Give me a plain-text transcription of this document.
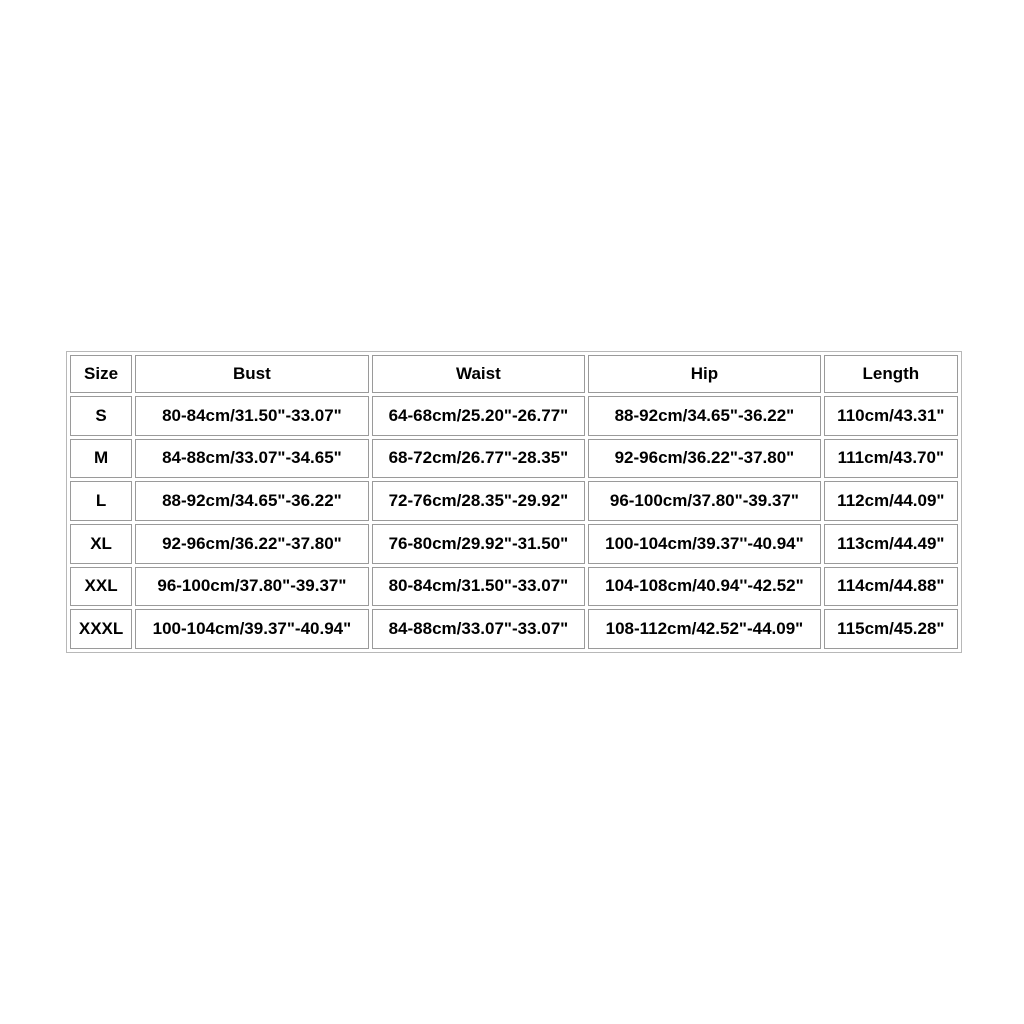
Size	Bust	Waist	Hip	Length
S	80-84cm/31.50"-33.07"	64-68cm/25.20"-26.77"	88-92cm/34.65"-36.22"	110cm/43.31"
M	84-88cm/33.07"-34.65"	68-72cm/26.77"-28.35"	92-96cm/36.22"-37.80"	111cm/43.70"
L	88-92cm/34.65"-36.22"	72-76cm/28.35"-29.92"	96-100cm/37.80"-39.37"	112cm/44.09"
XL	92-96cm/36.22"-37.80"	76-80cm/29.92"-31.50"	100-104cm/39.37''-40.94"	113cm/44.49"
XXL	96-100cm/37.80"-39.37"	80-84cm/31.50"-33.07"	104-108cm/40.94''-42.52"	114cm/44.88"
XXXL	100-104cm/39.37"-40.94"	84-88cm/33.07"-33.07"	108-112cm/42.52"-44.09"	115cm/45.28"
